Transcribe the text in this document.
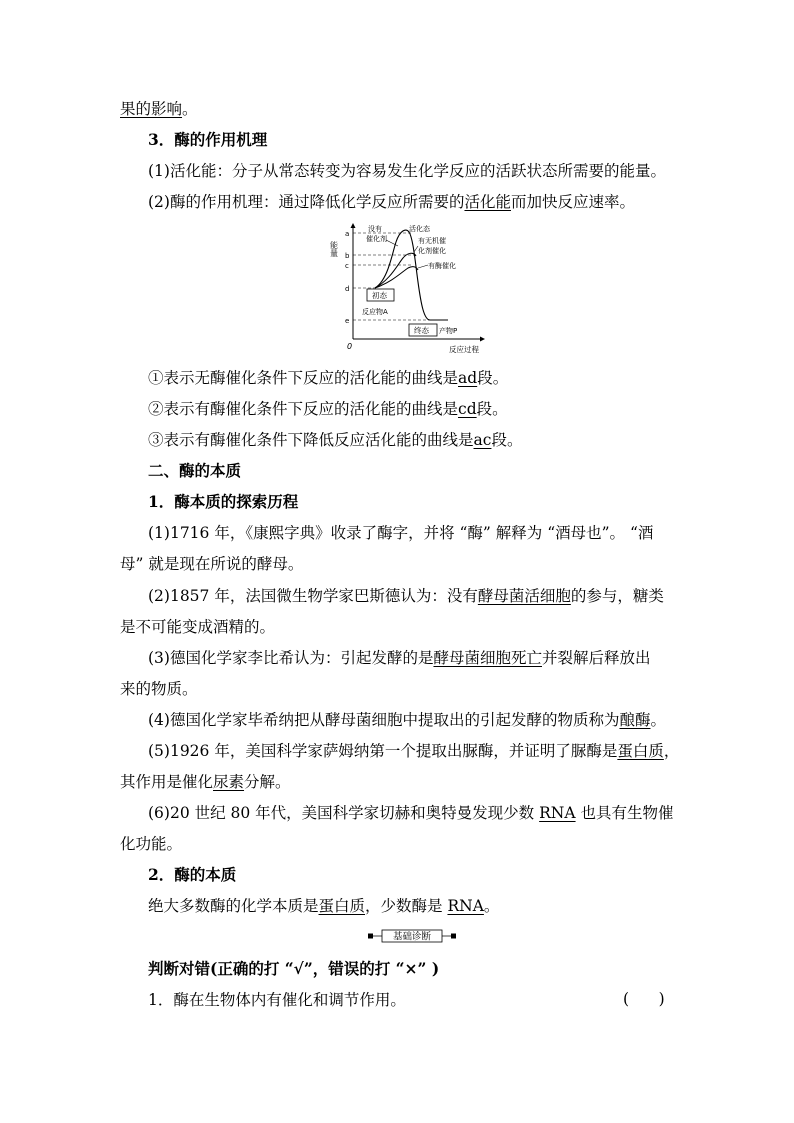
果的影响。
3．酶的作用机理
(1)活化能：分子从常态转变为容易发生化学反应的活跃状态所需要的能量。
(2)酶的作用机理：通过降低化学反应所需要的活化能而加快反应速率。
能量
a
b
c
d
e
0	反应过程
没有
催化剂
活化态
有无机催
化剂催化
有酶催化
初态
反应物A
终态 产物P
①表示无酶催化条件下反应的活化能的曲线是ad段。
②表示有酶催化条件下反应的活化能的曲线是cd段。
③表示有酶催化条件下降低反应活化能的曲线是ac段。
二、酶的本质
1．酶本质的探索历程
(1)1716 年，《康熙字典》收录了酶字，并将 “酶” 解释为 “酒母也”。 “酒
母” 就是现在所说的酵母。
(2)1857 年，法国微生物学家巴斯德认为：没有酵母菌活细胞的参与，糖类
是不可能变成酒精的。
(3)德国化学家李比希认为：引起发酵的是酵母菌细胞死亡并裂解后释放出
来的物质。
(4)德国化学家毕希纳把从酵母菌细胞中提取出的引起发酵的物质称为酿酶。
(5)1926 年，美国科学家萨姆纳第一个提取出脲酶，并证明了脲酶是蛋白质，
其作用是催化尿素分解。
(6)20 世纪 80 年代，美国科学家切赫和奥特曼发现少数 RNA 也具有生物催
化功能。
2．酶的本质
绝大多数酶的化学本质是蛋白质，少数酶是 RNA。
基础诊断
判断对错(正确的打 “√”，错误的打 “×” )
1．酶在生物体内有催化和调节作用。	(      )
